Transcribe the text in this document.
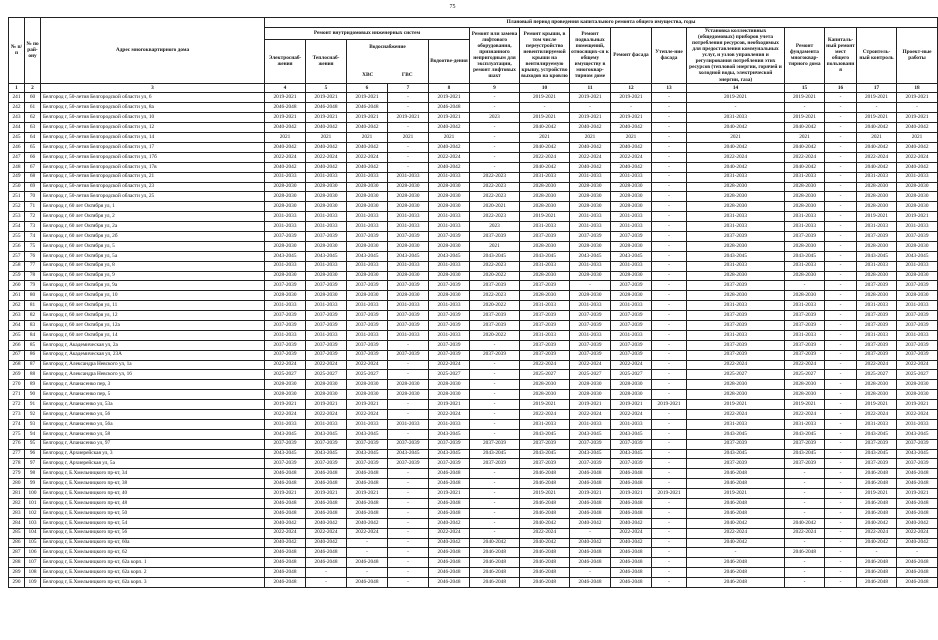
75
№ п/п	№ по рай-ону	Адрес многоквартирного дома	Плановый период проведения капитального ремонта общего имущества, годы														
			Ремонт внутридомовых инженерных систем					Ремонт или замена лифтового оборудования, признанного непригодным для эксплуатации, ремонт лифтовых шахт	Ремонт крыши, в том числе переустройство невентилируемой крыши на вентилируемую крышу, устройство выходов на кровлю	Ремонт подвальных помещений, относящих-ся к общему имуществу в многоквар-тирном доме	Ремонт фасада	Утепле-ние фасада	Установка коллективных (общедомовых) приборов учета потребления ресурсов, необходимых для предоставления коммунальных услуг, и узлов управления и регулирования потребления этих ресурсов (тепловой энергии, горячей и холодной воды, электрической энергии, газа)	Ремонт фундамента многоквар-тирного дома	Капиталь-ный ремонт мест общего пользовани я	Строитель-ный контроль	Проект-ные работы
			Электроснаб-жения	Теплоснаб-жения	Водоснабжение
ХВС ГВС		Водоотве-дения										
1	2	3	4	5	6	7	8	9	10	11	12	13	14	15	16	17	18
241	60	Белгород г, 50-летия Белгородской области ул, 6	2019-2021	2019-2021	2019-2021	-	2019-2021	-	2019-2021	2019-2021	2019-2021	-	2019-2021	2019-2021	-	2019-2021	2019-2021
242	61	Белгород г, 50-летия Белгородской области ул, 8а	2046-2048	2046-2048	2046-2048	-	2046-2048	-	-	-	-	-	-	-	-	-	-
243	62	Белгород г, 50-летия Белгородской области ул, 10	2019-2021	2019-2021	2019-2021	2019-2021	2019-2021	2023	2019-2021	2019-2021	2019-2021	-	2031-2033	2019-2021	-	2019-2021	2019-2021
244	63	Белгород г, 50-летия Белгородской области ул, 12	2040-2042	2040-2042	2040-2042	-	2040-2042	-	2040-2042	2040-2042	2040-2042	-	2040-2042	2040-2042	-	2040-2042	2040-2042
245	64	Белгород г, 50-летия Белгородской области ул, 14	2021	2021	2021	2021	2021	-	2021	2021	2021	-	2021	2021	-	2021	2021
246	65	Белгород г, 50-летия Белгородской области ул, 17	2040-2042	2040-2042	2040-2042	-	2040-2042	-	2040-2042	2040-2042	2040-2042	-	2040-2042	2040-2042	-	2040-2042	2040-2042
247	66	Белгород г, 50-летия Белгородской области ул, 17б	2022-2024	2022-2024	2022-2024	-	2022-2024	-	2022-2024	2022-2024	2022-2024	-	2022-2024	2022-2024	-	2022-2024	2022-2024
248	67	Белгород г, 50-летия Белгородской области ул, 17в	2040-2042	2040-2042	2040-2042	-	2040-2042	-	2040-2042	2040-2042	2040-2042	-	2040-2042	2040-2042	-	2040-2042	2040-2042
249	68	Белгород г, 50-летия Белгородской области ул, 21	2031-2033	2031-2033	2031-2033	2031-2033	2031-2033	2022-2023	2031-2033	2031-2033	2031-2033	-	2031-2033	2031-2033	-	2031-2033	2031-2033
250	69	Белгород г, 50-летия Белгородской области ул, 23	2028-2030	2028-2030	2028-2030	2028-2030	2028-2030	2022-2023	2028-2030	2028-2030	2028-2030	-	2028-2030	2028-2030	-	2028-2030	2028-2030
251	70	Белгород г, 50-летия Белгородской области ул, 25	2028-2030	2028-2030	2028-2030	2028-2030	2028-2030	2022-2023	2028-2030	2028-2030	2028-2030	-	2028-2030	2028-2030	-	2028-2030	2028-2030
252	71	Белгород г, 60 лет Октября ул, 1	2028-2030	2028-2030	2028-2030	2028-2030	2028-2030	2020-2021	2028-2030	2028-2030	2028-2030	-	2028-2030	2028-2030	-	2028-2030	2028-2030
253	72	Белгород г, 60 лет Октября ул, 2	2031-2033	2031-2033	2031-2033	2031-2033	2031-2033	2022-2023	2019-2021	2031-2033	2031-2033	-	2031-2033	2031-2033	-	2019-2021	2019-2021
254	73	Белгород г, 60 лет Октября ул, 2а	2031-2033	2031-2033	2031-2033	2031-2033	2031-2033	2023	2031-2033	2031-2033	2031-2033	-	2031-2033	2031-2033	-	2031-2033	2031-2033
255	74	Белгород г, 60 лет Октября ул, 2б	2037-2039	2037-2039	2037-2039	2037-2039	2037-2039	2037-2039	2037-2039	2037-2039	2037-2039	-	2037-2039	2037-2039	-	2037-2039	2037-2039
256	75	Белгород г, 60 лет Октября ул, 5	2028-2030	2028-2030	2028-2030	2028-2030	2028-2030	2021	2028-2030	2028-2030	2028-2030	-	2028-2030	2028-2030	-	2028-2030	2028-2030
257	76	Белгород г, 60 лет Октября ул, 5а	2043-2045	2043-2045	2043-2045	2043-2045	2043-2045	2043-2045	2043-2045	2043-2045	2043-2045	-	2043-2045	2043-2045	-	2043-2045	2043-2045
258	77	Белгород г, 60 лет Октября ул, 8	2031-2033	2031-2033	2031-2033	2031-2033	2031-2033	2022-2023	2031-2033	2031-2033	2031-2033	-	2031-2033	2031-2033	-	2031-2033	2031-2033
259	78	Белгород г, 60 лет Октября ул, 9	2028-2030	2028-2030	2028-2030	2028-2030	2028-2030	2020-2022	2028-2030	2028-2030	2028-2030	-	2028-2030	2028-2030	-	2028-2030	2028-2030
260	79	Белгород г, 60 лет Октября ул, 9а	2037-2039	2037-2039	2037-2039	2037-2039	2037-2039	2037-2039	2037-2039	-	2037-2039	-	2037-2039	-	-	2037-2039	2037-2039
261	80	Белгород г, 60 лет Октября ул, 10	2028-2030	2028-2030	2028-2030	2028-2030	2028-2030	2022-2023	2028-2030	2028-2030	2028-2030	-	2028-2030	2028-2030	-	2028-2030	2028-2030
262	81	Белгород г, 60 лет Октября ул, 11	2031-2033	2031-2033	2031-2033	2031-2033	2031-2033	2020-2022	2031-2033	2031-2033	2031-2033	-	2031-2033	2031-2033	-	2031-2033	2031-2033
263	82	Белгород г, 60 лет Октября ул, 12	2037-2039	2037-2039	2037-2039	2037-2039	2037-2039	2037-2039	2037-2039	2037-2039	2037-2039	-	2037-2039	2037-2039	-	2037-2039	2037-2039
264	83	Белгород г, 60 лет Октября ул, 12а	2037-2039	2037-2039	2037-2039	2037-2039	2037-2039	2037-2039	2037-2039	2037-2039	2037-2039	-	2037-2039	2037-2039	-	2037-2039	2037-2039
265	84	Белгород г, 60 лет Октября ул, 14	2031-2033	2031-2033	2031-2033	2031-2033	2031-2033	2020-2022	2031-2033	2031-2033	2031-2033	-	2031-2033	2031-2033	-	2031-2033	2031-2033
266	85	Белгород г, Академическая ул, 2а	2037-2039	2037-2039	2037-2039	-	2037-2039	-	2037-2039	2037-2039	2037-2039	-	2037-2039	2037-2039	-	2037-2039	2037-2039
267	86	Белгород г, Академическая ул, 23А	2037-2039	2037-2039	2037-2039	2037-2039	2037-2039	2037-2039	2037-2039	2037-2039	2037-2039	-	2037-2039	2037-2039	-	2037-2039	2037-2039
268	87	Белгород г, Александра Невского ул, 1а	2022-2024	2022-2024	2022-2024	-	2022-2024	-	2022-2024	2022-2024	2022-2024	-	2022-2024	2022-2024	-	2022-2024	2022-2024
269	88	Белгород г, Александра Невского ул, 16	2025-2027	2025-2027	2025-2027	-	2025-2027	-	2025-2027	2025-2027	2025-2027	-	2025-2027	2025-2027	-	2025-2027	2025-2027
270	89	Белгород г, Апанасенко пер, 3	2028-2030	2028-2030	2028-2030	2028-2030	2028-2030	-	2028-2030	2028-2030	2028-2030	-	2028-2030	2028-2030	-	2028-2030	2028-2030
271	90	Белгород г, Апанасенко пер, 5	2028-2030	2028-2030	2028-2030	2028-2030	2028-2030	-	2028-2030	2028-2030	2028-2030	-	2028-2030	2028-2030	-	2028-2030	2028-2030
272	91	Белгород г, Апанасенко ул, 53а	2019-2021	2019-2021	2019-2021	-	2019-2021	-	2019-2021	2019-2021	2019-2021	2019-2021	2019-2021	2019-2021	-	2019-2021	2019-2021
273	92	Белгород г, Апанасенко ул, 56	2022-2024	2022-2024	2022-2024	-	2022-2024	-	2022-2024	2022-2024	2022-2024	-	2022-2024	2022-2024	-	2022-2024	2022-2024
274	93	Белгород г, Апанасенко ул, 56а	2031-2033	2031-2033	2031-2033	2031-2033	2031-2033	-	2031-2033	2031-2033	2031-2033	-	2031-2033	2031-2033	-	2031-2033	2031-2033
275	94	Белгород г, Апанасенко ул, 58	2043-2045	2043-2045	2043-2045	-	2043-2045	-	2043-2045	2043-2045	2043-2045	-	2043-2045	2043-2045	-	2043-2045	2043-2045
276	95	Белгород г, Апанасенко ул, 97	2037-2039	2037-2039	2037-2039	2037-2039	2037-2039	2037-2039	2037-2039	2037-2039	2037-2039	-	2037-2039	2037-2039	-	2037-2039	2037-2039
277	96	Белгород г, Архиерейская ул, 3	2043-2045	2043-2045	2043-2045	2043-2045	2043-2045	2043-2045	2043-2045	2043-2045	2043-2045	-	2043-2045	2043-2045	-	2043-2045	2043-2045
278	97	Белгород г, Архиерейская ул, 5а	2037-2039	2037-2039	2037-2039	2037-2039	2037-2039	2037-2039	2037-2039	2037-2039	2037-2039	-	2037-2039	2037-2039	-	2037-2039	2037-2039
279	98	Белгород г, Б.Хмельницкого пр-кт, 34	2046-2048	2046-2048	2046-2048	-	2046-2048	-	2046-2048	2046-2048	2046-2048	-	2046-2048	-	-	2046-2048	2046-2048
280	99	Белгород г, Б.Хмельницкого пр-кт, 38	2046-2048	2046-2048	2046-2048	-	2046-2048	-	2046-2048	2046-2048	2046-2048	-	2046-2048	-	-	2046-2048	2046-2048
281	100	Белгород г, Б.Хмельницкого пр-кт, 40	2019-2021	2019-2021	2019-2021	-	2019-2021	-	2019-2021	2019-2021	2019-2021	2019-2021	2019-2021	-	-	2019-2021	2019-2021
282	101	Белгород г, Б.Хмельницкого пр-кт, 48	2046-2048	2046-2048	2046-2048	-	2046-2048	-	2046-2048	2046-2048	2046-2048	-	2046-2048	-	-	2046-2048	2046-2048
283	102	Белгород г, Б.Хмельницкого пр-кт, 50	2046-2048	2046-2048	2046-2048	-	2046-2048	-	2046-2048	2046-2048	2046-2048	-	2046-2048	-	-	2046-2048	2046-2048
284	103	Белгород г, Б.Хмельницкого пр-кт, 54	2040-2042	2040-2042	2040-2042	-	2040-2042	-	2040-2042	2040-2042	2040-2042	-	2040-2042	2040-2042	-	2040-2042	2040-2042
285	104	Белгород г, Б.Хмельницкого пр-кт, 56	2022-2024	2022-2024	2022-2024	-	2022-2024	-	2022-2024	-	2022-2024	-	2022-2024	2022-2024	-	2022-2024	2022-2024
286	105	Белгород г, Б.Хмельницкого пр-кт, 60а	2040-2042	2040-2042	-	-	2040-2042	2040-2042	2040-2042	2040-2042	2040-2042	-	2040-2042	-	-	2040-2042	2040-2042
287	106	Белгород г, Б.Хмельницкого пр-кт, 62	2046-2048	2046-2048	-	-	2046-2048	2046-2048	2046-2048	2046-2048	2046-2048	-	-	2046-2048	-	-	-
288	107	Белгород г, Б.Хмельницкого пр-кт, 62а корп. 1	2046-2048	2046-2048	2046-2048	-	2046-2048	2046-2048	2046-2048	2046-2048	2046-2048	-	2046-2048	-	-	2046-2048	2046-2048
289	108	Белгород г, Б.Хмельницкого пр-кт, 62а корп. 2	2046-2048	-	-	-	2046-2048	2046-2048	2046-2048	-	2046-2048	-	2046-2048	-	-	2046-2048	2046-2048
290	109	Белгород г, Б.Хмельницкого пр-кт, 62а корп. 3	2046-2048	-	2046-2048	-	2046-2048	2046-2048	2046-2048	2046-2048	2046-2048	-	2046-2048	-	-	2046-2048	2046-2048
